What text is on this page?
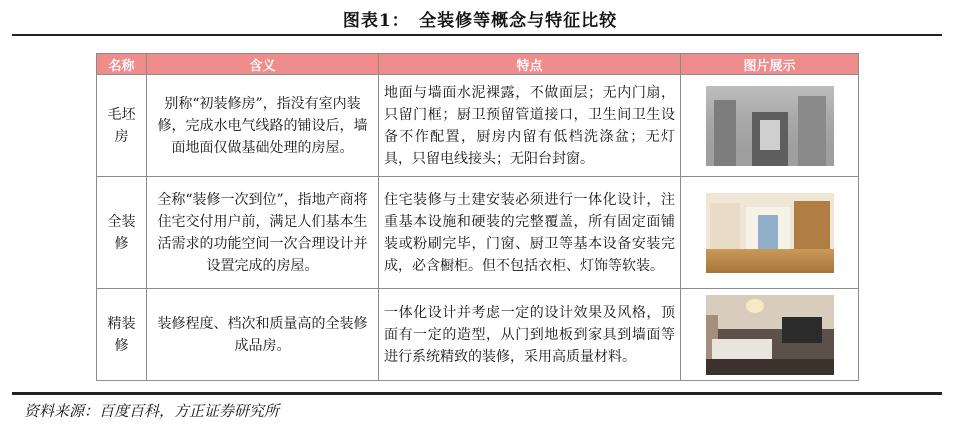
图表1：　全装修等概念与特征比较
名称	含义	特点	图片展示
毛坯房	别称“初装修房”，指没有室内装修，完成水电气线路的铺设后，墙面地面仅做基础处理的房屋。	地面与墙面水泥裸露，不做面层；无内门扇，只留门框；厨卫预留管道接口，卫生间卫生设备不作配置，厨房内留有低档洗涤盆；无灯具，只留电线接头；无阳台封窗。	

全装修	全称“装修一次到位”，指地产商将住宅交付用户前，满足人们基本生活需求的功能空间一次合理设计并设置完成的房屋。	住宅装修与土建安装必须进行一体化设计，注重基本设施和硬装的完整覆盖，所有固定面铺装或粉刷完毕，门窗、厨卫等基本设备安装完成，必含橱柜。但不包括衣柜、灯饰等软装。	

精装修	装修程度、档次和质量高的全装修成品房。	一体化设计并考虑一定的设计效果及风格，顶面有一定的造型，从门到地板到家具到墙面等进行系统精致的装修，采用高质量材料。	
资料来源：百度百科，方正证券研究所
